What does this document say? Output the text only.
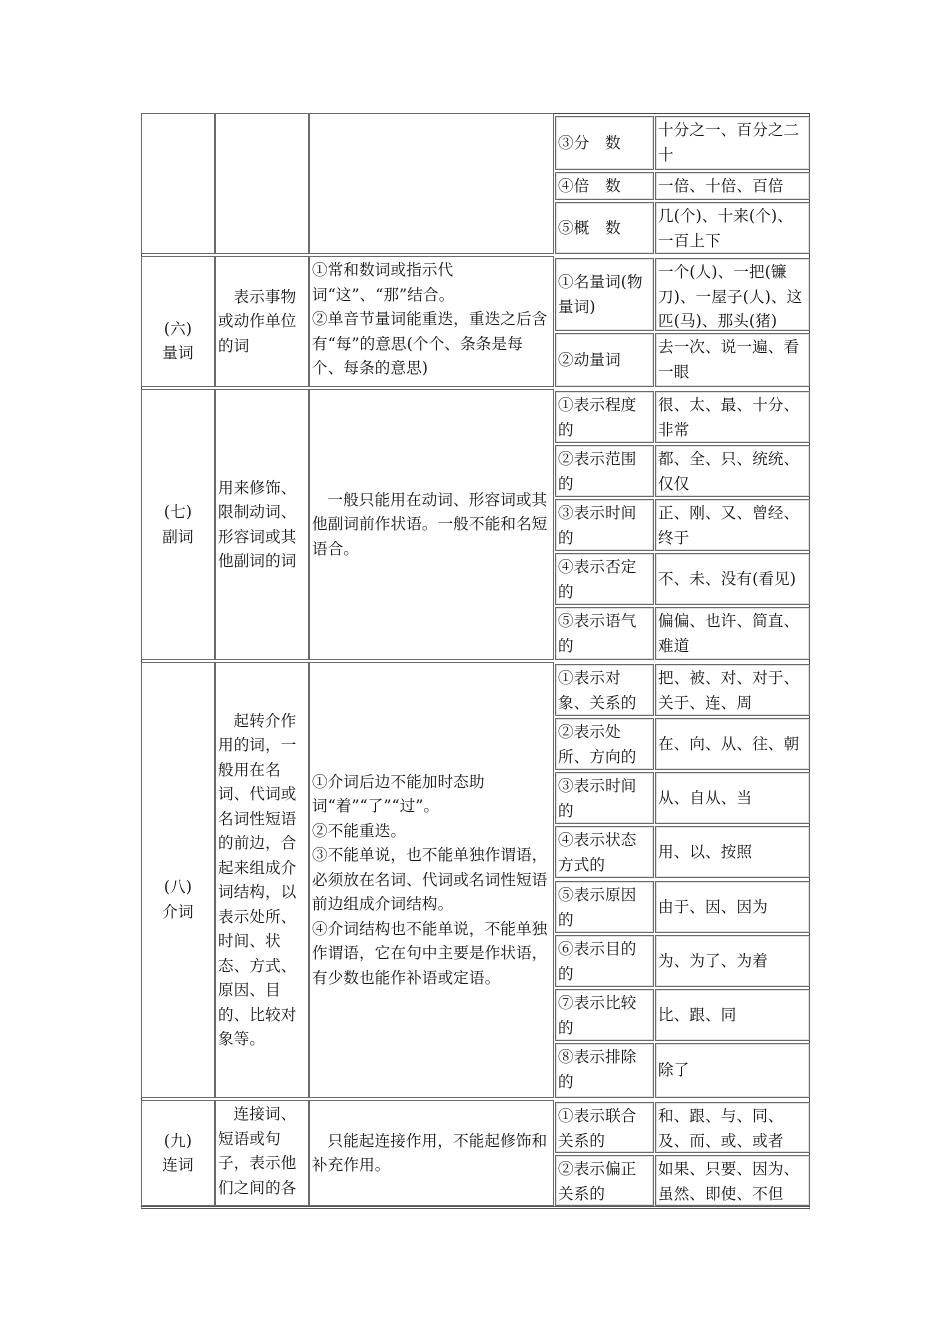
③分　数
十分之一、百分之二十
④倍　数	一倍、十倍、百倍
⑤概　数
几(个)、十来(个)、一百上下
(六)
量词
表示事物或动作单位的词
①常和数词或指示代词“这”、“那”结合。
②单音节量词能重迭，重迭之后含有“每”的意思(个个、条条是每个、每条的意思)
①名量词(物量词)
一个(人)、一把(镰刀)、一屋子(人)、这匹(马)、那头(猪)
②动量词
去一次、说一遍、看一眼
(七)
副词
用来修饰、限制动词、形容词或其他副词的词
一般只能用在动词、形容词或其他副词前作状语。一般不能和名短语合。
①表示程度的
很、太、最、十分、非常
②表示范围的
都、全、只、统统、仅仅
③表示时间的
正、刚、又、曾经、终于
④表示否定的
不、未、没有(看见)
⑤表示语气的
偏偏、也许、简直、难道
(八)
介词
起转介作用的词，一般用在名词、代词或名词性短语的前边，合起来组成介词结构，以表示处所、时间、状态、方式、原因、目的、比较对象等。
①介词后边不能加时态助词“着”“了”“过”。
②不能重迭。
③不能单说，也不能单独作谓语，必须放在名词、代词或名词性短语前边组成介词结构。
④介词结构也不能单说，不能单独作谓语，它在句中主要是作状语，有少数也能作补语或定语。
①表示对象、关系的
把、被、对、对于、关于、连、周
②表示处所、方向的
在、向、从、往、朝
③表示时间的
从、自从、当
④表示状态方式的
用、以、按照
⑤表示原因的
由于、因、因为
⑥表示目的的
为、为了、为着
⑦表示比较的
比、跟、同
⑧表示排除的
除了
(九)
连词
连接词、短语或句子，表示他们之间的各
只能起连接作用，不能起修饰和补充作用。
①表示联合关系的
和、跟、与、同、及、而、或、或者
②表示偏正关系的
如果、只要、因为、虽然、即使、不但
